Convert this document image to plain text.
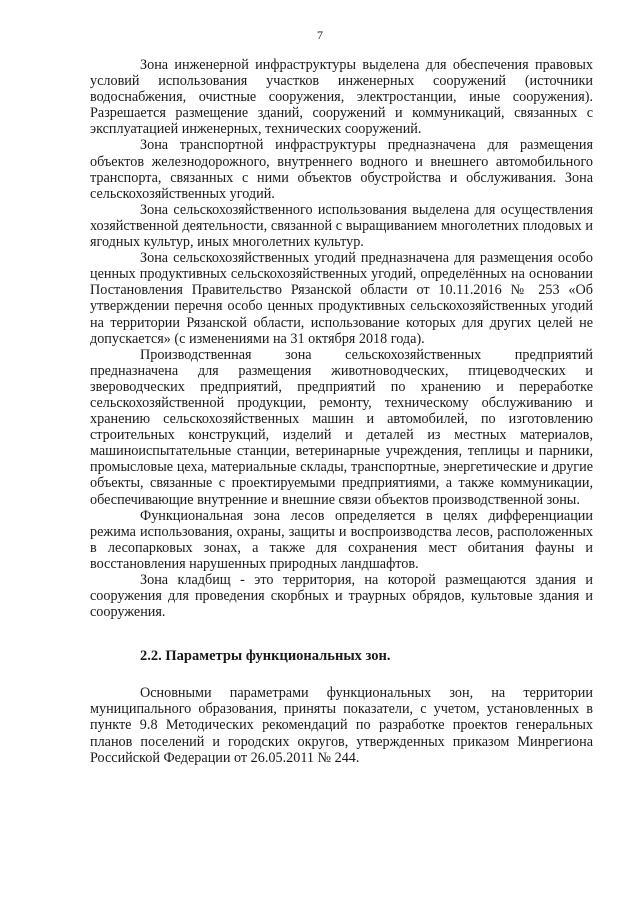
7

Зона инженерной инфраструктуры выделена для обеспечения правовых условий использования участков инженерных сооружений (источники водоснабжения, очистные сооружения, электростанции, иные сооружения). Разрешается размещение зданий, сооружений и коммуникаций, связанных с эксплуатацией инженерных, технических сооружений.

Зона транспортной инфраструктуры предназначена для размещения объектов железнодорожного, внутреннего водного и внешнего автомобильного транспорта, связанных с ними объектов обустройства и обслуживания. Зона сельскохозяйственных угодий.

Зона сельскохозяйственного использования выделена для осуществления хозяйственной деятельности, связанной с выращиванием многолетних плодовых и ягодных культур, иных многолетних культур.

Зона сельскохозяйственных угодий предназначена для размещения особо ценных продуктивных сельскохозяйственных угодий, определённых на основании Постановления Правительство Рязанской области от 10.11.2016 № 253 «Об утверждении перечня особо ценных продуктивных сельскохозяйственных угодий на территории Рязанской области, использование которых для других целей не допускается» (с изменениями на 31 октября 2018 года).

Производственная зона сельскохозяйственных предприятий предназначена для размещения животноводческих, птицеводческих и звероводческих предприятий, предприятий по хранению и переработке сельскохозяйственной продукции, ремонту, техническому обслуживанию и хранению сельскохозяйственных машин и автомобилей, по изготовлению строительных конструкций, изделий и деталей из местных материалов, машиноиспытательные станции, ветеринарные учреждения, теплицы и парники, промысловые цеха, материальные склады, транспортные, энергетические и другие объекты, связанные с проектируемыми предприятиями, а также коммуникации, обеспечивающие внутренние и внешние связи объектов производственной зоны.

Функциональная зона лесов определяется в целях дифференциации режима использования, охраны, защиты и воспроизводства лесов, расположенных в лесопарковых зонах, а также для сохранения мест обитания фауны и восстановления нарушенных природных ландшафтов.

Зона кладбищ - это территория, на которой размещаются здания и сооружения для проведения скорбных и траурных обрядов, культовые здания и сооружения.

2.2. Параметры функциональных зон.

Основными параметрами функциональных зон, на территории муниципального образования, приняты показатели, с учетом, установленных в пункте 9.8 Методических рекомендаций по разработке проектов генеральных планов поселений и городских округов, утвержденных приказом Минрегиона Российской Федерации от 26.05.2011 № 244.
